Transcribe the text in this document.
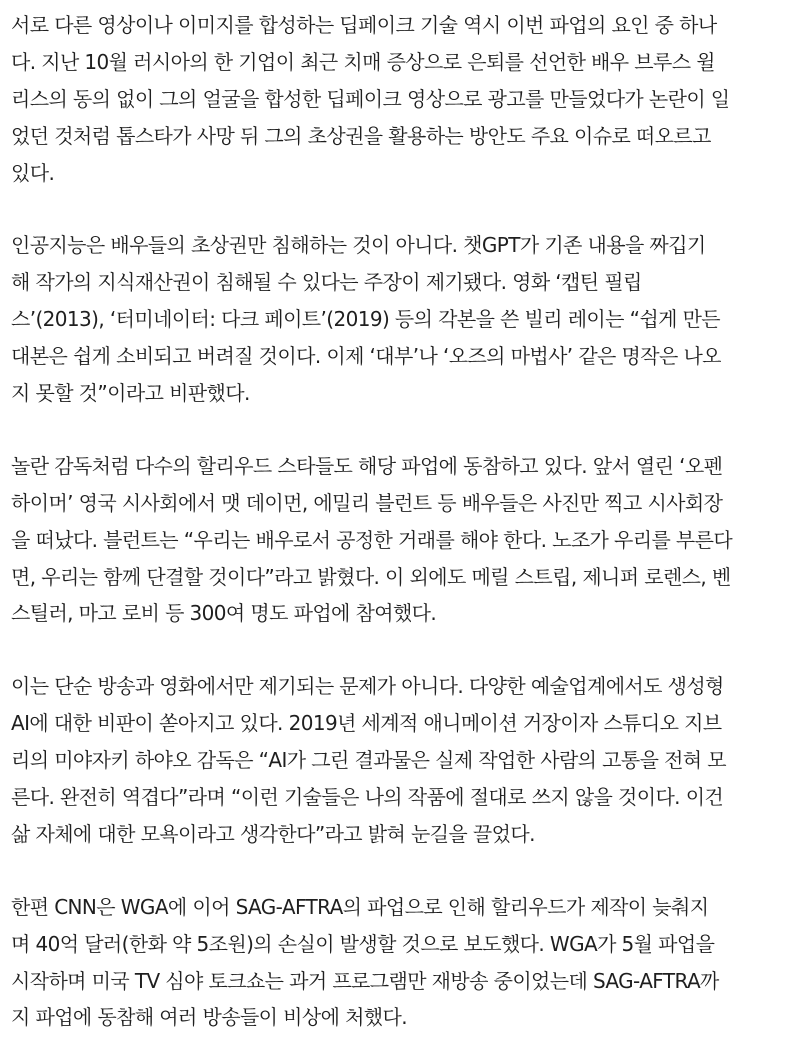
서로 다른 영상이나 이미지를 합성하는 딥페이크 기술 역시 이번 파업의 요인 중 하나
다. 지난 10월 러시아의 한 기업이 최근 치매 증상으로 은퇴를 선언한 배우 브루스 윌
리스의 동의 없이 그의 얼굴을 합성한 딥페이크 영상으로 광고를 만들었다가 논란이 일
었던 것처럼 톱스타가 사망 뒤 그의 초상권을 활용하는 방안도 주요 이슈로 떠오르고
있다.
인공지능은 배우들의 초상권만 침해하는 것이 아니다. 챗GPT가 기존 내용을 짜깁기
해 작가의 지식재산권이 침해될 수 있다는 주장이 제기됐다. 영화 ‘캡틴 필립
스’(2013), ‘터미네이터: 다크 페이트’(2019) 등의 각본을 쓴 빌리 레이는 “쉽게 만든
대본은 쉽게 소비되고 버려질 것이다. 이제 ‘대부’나 ‘오즈의 마법사’ 같은 명작은 나오
지 못할 것”이라고 비판했다.
놀란 감독처럼 다수의 할리우드 스타들도 해당 파업에 동참하고 있다. 앞서 열린 ‘오펜
하이머’ 영국 시사회에서 맷 데이먼, 에밀리 블런트 등 배우들은 사진만 찍고 시사회장
을 떠났다. 블런트는 “우리는 배우로서 공정한 거래를 해야 한다. 노조가 우리를 부른다
면, 우리는 함께 단결할 것이다”라고 밝혔다. 이 외에도 메릴 스트립, 제니퍼 로렌스, 벤
스틸러, 마고 로비 등 300여 명도 파업에 참여했다.
이는 단순 방송과 영화에서만 제기되는 문제가 아니다. 다양한 예술업계에서도 생성형
AI에 대한 비판이 쏟아지고 있다. 2019년 세계적 애니메이션 거장이자 스튜디오 지브
리의 미야자키 하야오 감독은 “AI가 그린 결과물은 실제 작업한 사람의 고통을 전혀 모
른다. 완전히 역겹다”라며 “이런 기술들은 나의 작품에 절대로 쓰지 않을 것이다. 이건
삶 자체에 대한 모욕이라고 생각한다”라고 밝혀 눈길을 끌었다.
한편 CNN은 WGA에 이어 SAG-AFTRA의 파업으로 인해 할리우드가 제작이 늦춰지
며 40억 달러(한화 약 5조원)의 손실이 발생할 것으로 보도했다. WGA가 5월 파업을
시작하며 미국 TV 심야 토크쇼는 과거 프로그램만 재방송 중이었는데 SAG-AFTRA까
지 파업에 동참해 여러 방송들이 비상에 처했다.
